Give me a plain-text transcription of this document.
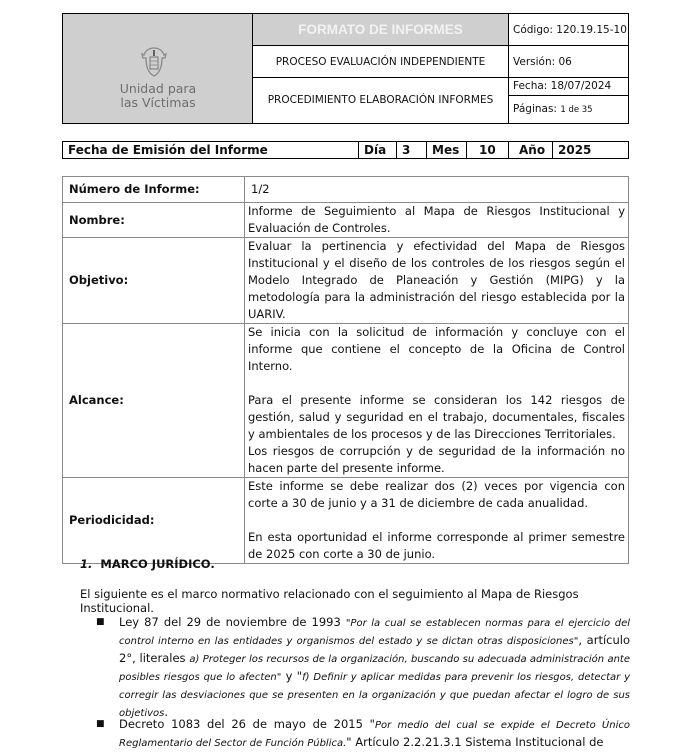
Unidad para
las Víctimas
FORMATO DE INFORMES
PROCESO EVALUACIÓN INDEPENDIENTE
PROCEDIMIENTO ELABORACIÓN INFORMES
Código: 120.19.15-10
Versión: 06
Fecha: 18/07/2024
Páginas: 1 de 35
Fecha de Emisión del Informe	Día	3	Mes	10	Año	2025
Número de Informe:	1/2
Nombre:	Informe de Seguimiento al Mapa de Riesgos Institucional y Evaluación de Controles.
Objetivo:	Evaluar la pertinencia y efectividad del Mapa de Riesgos Institucional y el diseño de los controles de los riesgos según el Modelo Integrado de Planeación y Gestión (MIPG) y la metodología para la administración del riesgo establecida por la UARIV.
Alcance:	Se inicia con la solicitud de información y concluye con el informe que contiene el concepto de la Oficina de Control Interno.
Para el presente informe se consideran los 142 riesgos de gestión, salud y seguridad en el trabajo, documentales, fiscales y ambientales de los procesos y de las Direcciones Territoriales.
Los riesgos de corrupción y de seguridad de la información no hacen parte del presente informe.

Periodicidad:	Este informe se debe realizar dos (2) veces por vigencia con corte a 30 de junio y a 31 de diciembre de cada anualidad.
En esta oportunidad el informe corresponde al primer semestre de 2025 con corte a 30 de junio.
1. MARCO JURÍDICO.
El siguiente es el marco normativo relacionado con el seguimiento al Mapa de Riesgos Institucional.
■ Ley 87 del 29 de noviembre de 1993 "Por la cual se establecen normas para el ejercicio del control interno en las entidades y organismos del estado y se dictan otras disposiciones", artículo 2°, literales a) Proteger los recursos de la organización, buscando su adecuada administración ante posibles riesgos que lo afecten" y "f) Definir y aplicar medidas para prevenir los riesgos, detectar y corregir las desviaciones que se presenten en la organización y que puedan afectar el logro de sus objetivos.
■ Decreto 1083 del 26 de mayo de 2015 "Por medio del cual se expide el Decreto Único Reglamentario del Sector de Función Pública." Artículo 2.2.21.3.1 Sistema Institucional de
